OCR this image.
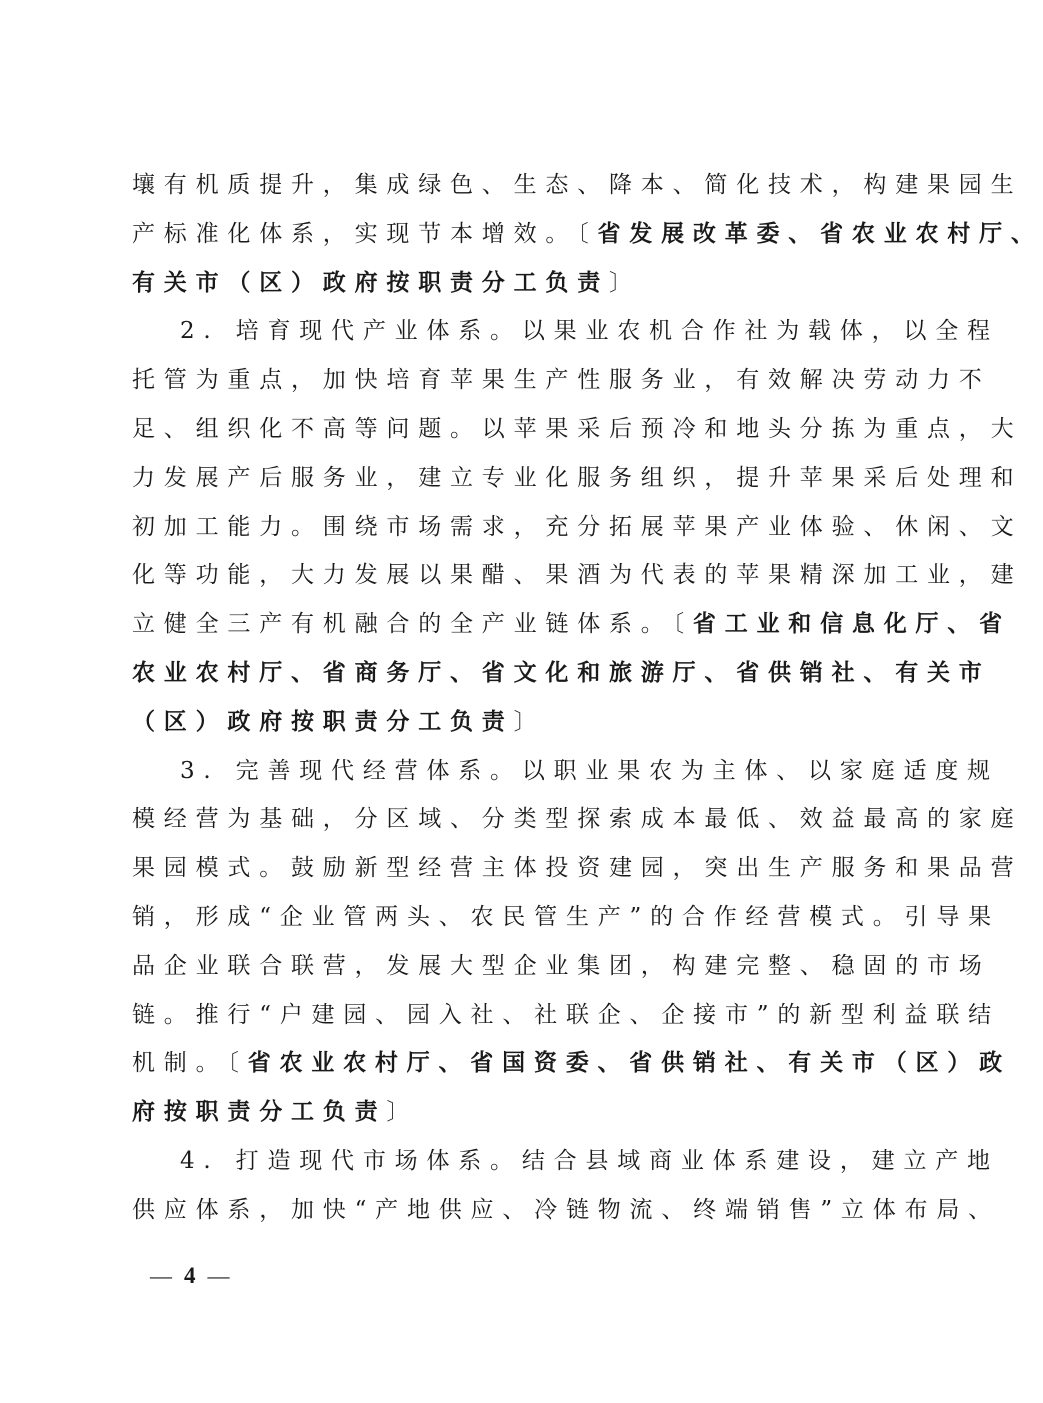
壤有机质提升，集成绿色、生态、降本、简化技术，构建果园生
产标准化体系，实现节本增效。〔省发展改革委、省农业农村厅、
有关市（区）政府按职责分工负责〕
2. 培育现代产业体系。以果业农机合作社为载体，以全程
托管为重点，加快培育苹果生产性服务业，有效解决劳动力不
足、组织化不高等问题。以苹果采后预冷和地头分拣为重点，大
力发展产后服务业，建立专业化服务组织，提升苹果采后处理和
初加工能力。围绕市场需求，充分拓展苹果产业体验、休闲、文
化等功能，大力发展以果醋、果酒为代表的苹果精深加工业，建
立健全三产有机融合的全产业链体系。〔省工业和信息化厅、省
农业农村厅、省商务厅、省文化和旅游厅、省供销社、有关市
（区）政府按职责分工负责〕
3. 完善现代经营体系。以职业果农为主体、以家庭适度规
模经营为基础，分区域、分类型探索成本最低、效益最高的家庭
果园模式。鼓励新型经营主体投资建园，突出生产服务和果品营
销，形成“企业管两头、农民管生产”的合作经营模式。引导果
品企业联合联营，发展大型企业集团，构建完整、稳固的市场
链。推行“户建园、园入社、社联企、企接市”的新型利益联结
机制。〔省农业农村厅、省国资委、省供销社、有关市（区）政
府按职责分工负责〕
4. 打造现代市场体系。结合县域商业体系建设，建立产地
供应体系，加快“产地供应、冷链物流、终端销售”立体布局、
— 4 —
